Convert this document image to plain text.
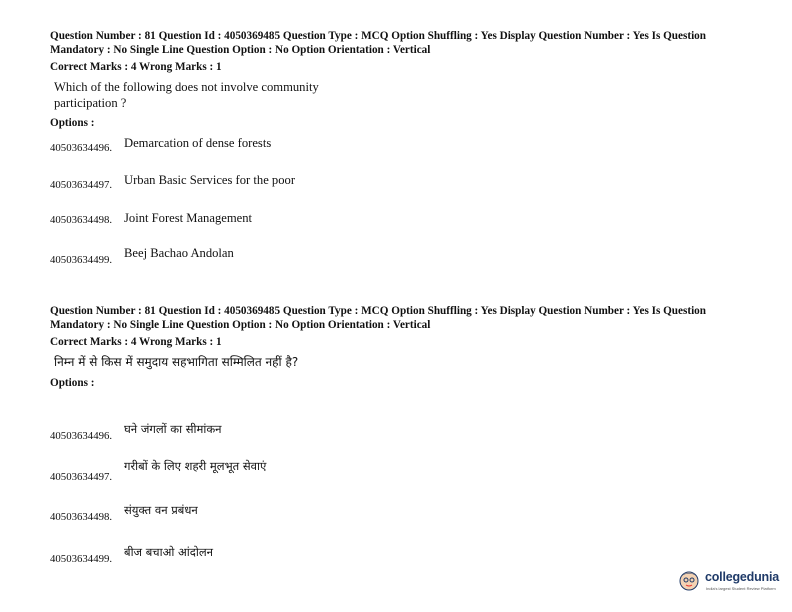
Question Number : 81 Question Id : 4050369485 Question Type : MCQ Option Shuffling : Yes Display Question Number : Yes Is Question Mandatory : No Single Line Question Option : No Option Orientation : Vertical

Correct Marks : 4 Wrong Marks : 1
Which of the following does not involve community participation ?
Options :
40503634496. Demarcation of dense forests
40503634497. Urban Basic Services for the poor
40503634498. Joint Forest Management
40503634499. Beej Bachao Andolan

Question Number : 81 Question Id : 4050369485 Question Type : MCQ Option Shuffling : Yes Display Question Number : Yes Is Question Mandatory : No Single Line Question Option : No Option Orientation : Vertical

Correct Marks : 4 Wrong Marks : 1
निम्न में से किस में समुदाय सहभागिता सम्मिलित नहीं है?
Options :
40503634496. घने जंगलों का सीमांकन
40503634497.
गरीबों के लिए शहरी मूलभूत सेवाएं
40503634498. संयुक्त वन प्रबंधन
40503634499. बीज बचाओ आंदोलन
collegedunia
India's largest Student Review Platform
